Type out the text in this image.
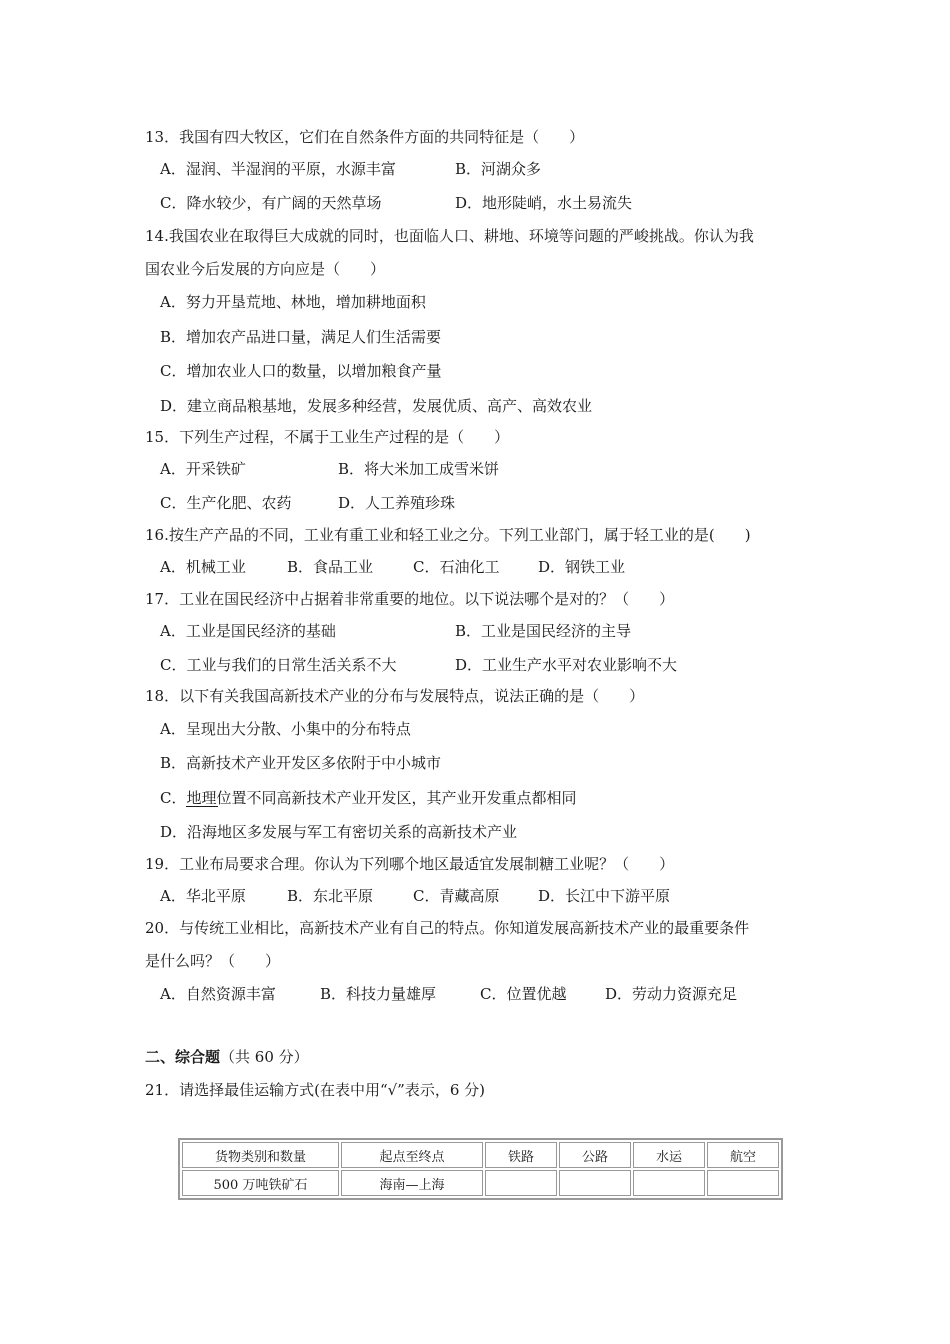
13．我国有四大牧区，它们在自然条件方面的共同特征是（　　）
A．湿润、半湿润的平原，水源丰富	B．河湖众多
C．降水较少，有广阔的天然草场	D．地形陡峭，水土易流失
14.我国农业在取得巨大成就的同时，也面临人口、耕地、环境等问题的严峻挑战。你认为我
国农业今后发展的方向应是（　　）
A．努力开垦荒地、林地，增加耕地面积
B．增加农产品进口量，满足人们生活需要
C．增加农业人口的数量，以增加粮食产量
D．建立商品粮基地，发展多种经营，发展优质、高产、高效农业
15．下列生产过程，不属于工业生产过程的是（　　）
A．开采铁矿	B．将大米加工成雪米饼
C．生产化肥、农药	D．人工养殖珍珠
16.按生产产品的不同，工业有重工业和轻工业之分。下列工业部门，属于轻工业的是(　　)
A．机械工业	B．食品工业	C．石油化工	D．钢铁工业
17．工业在国民经济中占据着非常重要的地位。以下说法哪个是对的？（　　）
A．工业是国民经济的基础	B．工业是国民经济的主导
C．工业与我们的日常生活关系不大	D．工业生产水平对农业影响不大
18．以下有关我国高新技术产业的分布与发展特点，说法正确的是（　　）
A．呈现出大分散、小集中的分布特点
B．高新技术产业开发区多依附于中小城市
C．地理位置不同高新技术产业开发区，其产业开发重点都相同
D．沿海地区多发展与军工有密切关系的高新技术产业
19．工业布局要求合理。你认为下列哪个地区最适宜发展制糖工业呢？（　　）
A．华北平原	B．东北平原	C．青藏高原	D．长江中下游平原
20．与传统工业相比，高新技术产业有自己的特点。你知道发展高新技术产业的最重要条件
是什么吗？（　　）
A．自然资源丰富	B．科技力量雄厚	C．位置优越	D．劳动力资源充足
二、综合题（共 60 分）
21．请选择最佳运输方式(在表中用“√”表示，6 分)
货物类别和数量	起点至终点	铁路	公路	水运	航空
500 万吨铁矿石	海南—上海				
